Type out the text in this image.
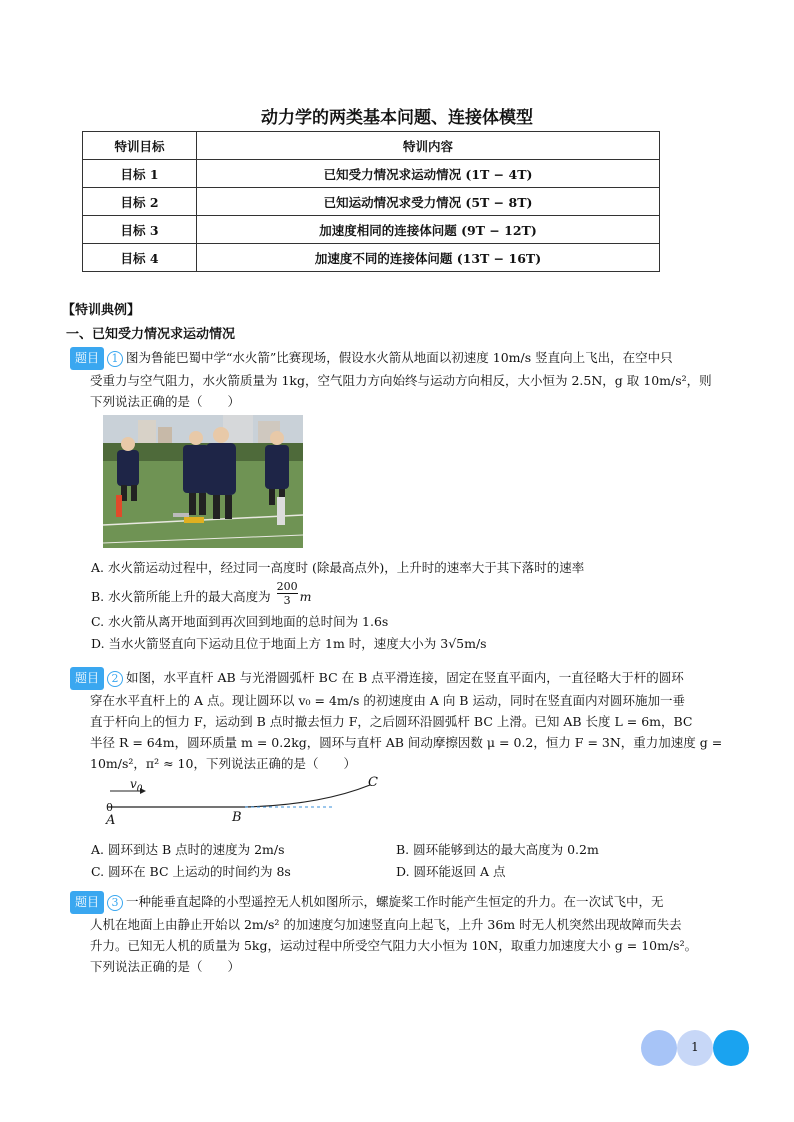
动力学的两类基本问题、连接体模型
特训目标	特训内容
目标 1	已知受力情况求运动情况 (1T − 4T)
目标 2	已知运动情况求受力情况 (5T − 8T)
目标 3	加速度相同的连接体问题 (9T − 12T)
目标 4	加速度不同的连接体问题 (13T − 16T)
【特训典例】
一、已知受力情况求运动情况
题目 1 图为鲁能巴蜀中学“水火箭”比赛现场，假设水火箭从地面以初速度 10m/s 竖直向上飞出，在空中只
受重力与空气阻力，水火箭质量为 1kg，空气阻力方向始终与运动方向相反，大小恒为 2.5N，g 取 10m/s²，则
下列说法正确的是（　　）
A. 水火箭运动过程中，经过同一高度时 (除最高点外)，上升时的速率大于其下落时的速率
B. 水火箭所能上升的最大高度为 $\frac{200}{3}$ m
C. 水火箭从离开地面到再次回到地面的总时间为 1.6s
D. 当水火箭竖直向下运动且位于地面上方 1m 时，速度大小为 3√5m/s
题目 2 如图，水平直杆 AB 与光滑圆弧杆 BC 在 B 点平滑连接，固定在竖直平面内，一直径略大于杆的圆环
穿在水平直杆上的 A 点。现让圆环以 v₀ = 4m/s 的初速度由 A 向 B 运动，同时在竖直面内对圆环施加一垂
直于杆向上的恒力 F，运动到 B 点时撤去恒力 F，之后圆环沿圆弧杆 BC 上滑。已知 AB 长度 L = 6m，BC
半径 R = 64m，圆环质量 m = 0.2kg，圆环与直杆 AB 间动摩擦因数 μ = 0.2，恒力 F = 3N，重力加速度 g =
10m/s²，π² ≈ 10，下列说法正确的是（　　）
$v_0$
0
A	B
C
A. 圆环到达 B 点时的速度为 2m/s	B. 圆环能够到达的最大高度为 0.2m
C. 圆环在 BC 上运动的时间约为 8s	D. 圆环能返回 A 点
题目 3 一种能垂直起降的小型遥控无人机如图所示，螺旋桨工作时能产生恒定的升力。在一次试飞中，无
人机在地面上由静止开始以 2m/s² 的加速度匀加速竖直向上起飞，上升 36m 时无人机突然出现故障而失去
升力。已知无人机的质量为 5kg，运动过程中所受空气阻力大小恒为 10N，取重力加速度大小 g = 10m/s²。
下列说法正确的是（　　）
1
